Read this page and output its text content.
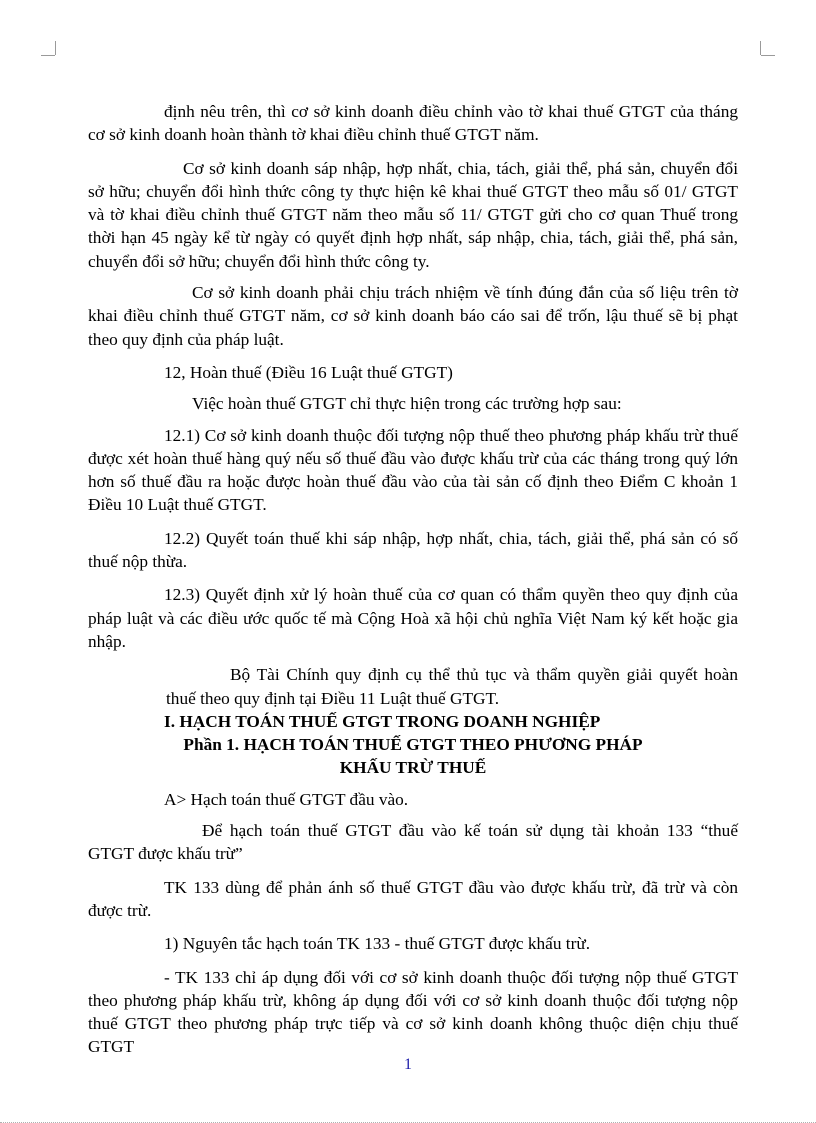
định nêu trên, thì cơ sở kinh doanh điều chỉnh vào tờ khai thuế GTGT của tháng cơ sở kinh doanh hoàn thành tờ khai điều chỉnh thuế GTGT năm.

Cơ sở kinh doanh sáp nhập, hợp nhất, chia, tách, giải thể, phá sản, chuyển đổi sở hữu; chuyển đổi hình thức công ty thực hiện kê khai thuế GTGT theo mẫu số 01/ GTGT và tờ khai điều chỉnh thuế GTGT năm theo mẫu số 11/ GTGT gửi cho cơ quan Thuế trong thời hạn 45 ngày kể từ ngày có quyết định hợp nhất, sáp nhập, chia, tách, giải thể, phá sản, chuyển đổi sở hữu; chuyển đổi hình thức công ty.

Cơ sở kinh doanh phải chịu trách nhiệm về tính đúng đắn của số liệu trên tờ khai điều chỉnh thuế GTGT năm, cơ sở kinh doanh báo cáo sai để trốn, lậu thuế sẽ bị phạt theo quy định của pháp luật.

12, Hoàn thuế (Điều 16 Luật thuế GTGT)

Việc hoàn thuế GTGT chỉ thực hiện trong các trường hợp sau:

12.1) Cơ sở kinh doanh thuộc đối tượng nộp thuế theo phương pháp khấu trừ thuế được xét hoàn thuế hàng quý nếu số thuế đầu vào được khấu trừ của các tháng trong quý lớn hơn số thuế đầu ra hoặc được hoàn thuế đầu vào của tài sản cố định theo Điểm C khoản 1 Điều 10 Luật thuế GTGT.

12.2) Quyết toán thuế khi sáp nhập, hợp nhất, chia, tách, giải thể, phá sản có số thuế nộp thừa.

12.3) Quyết định xử lý hoàn thuế của cơ quan có thẩm quyền theo quy định của pháp luật và các điều ước quốc tế mà Cộng Hoà xã hội chủ nghĩa Việt Nam ký kết hoặc gia nhập.

Bộ Tài Chính quy định cụ thể thủ tục và thẩm quyền giải quyết hoànthuế theo quy định tại Điều 11 Luật thuế GTGT.

I. HẠCH TOÁN THUẾ GTGT TRONG DOANH NGHIỆP

Phần 1. HẠCH TOÁN THUẾ GTGT THEO PHƯƠNG PHÁP

KHẤU TRỪ THUẾ

A> Hạch toán thuế GTGT đầu vào.

Để hạch toán thuế GTGT đầu vào kế toán sử dụng tài khoản 133 “thuế GTGT được khấu trừ”

TK 133 dùng để phản ánh số thuế GTGT đầu vào được khấu trừ, đã trừ và còn được trừ.

1) Nguyên tắc hạch toán TK 133 - thuế GTGT được khấu trừ.

- TK 133 chỉ áp dụng đối với cơ sở kinh doanh thuộc đối tượng nộp thuế GTGT theo phương pháp khấu trừ, không áp dụng đối với cơ sở kinh doanh thuộc đối tượng nộp thuế GTGT theo phương pháp trực tiếp và cơ sở kinh doanh không thuộc diện chịu thuế GTGT

1
